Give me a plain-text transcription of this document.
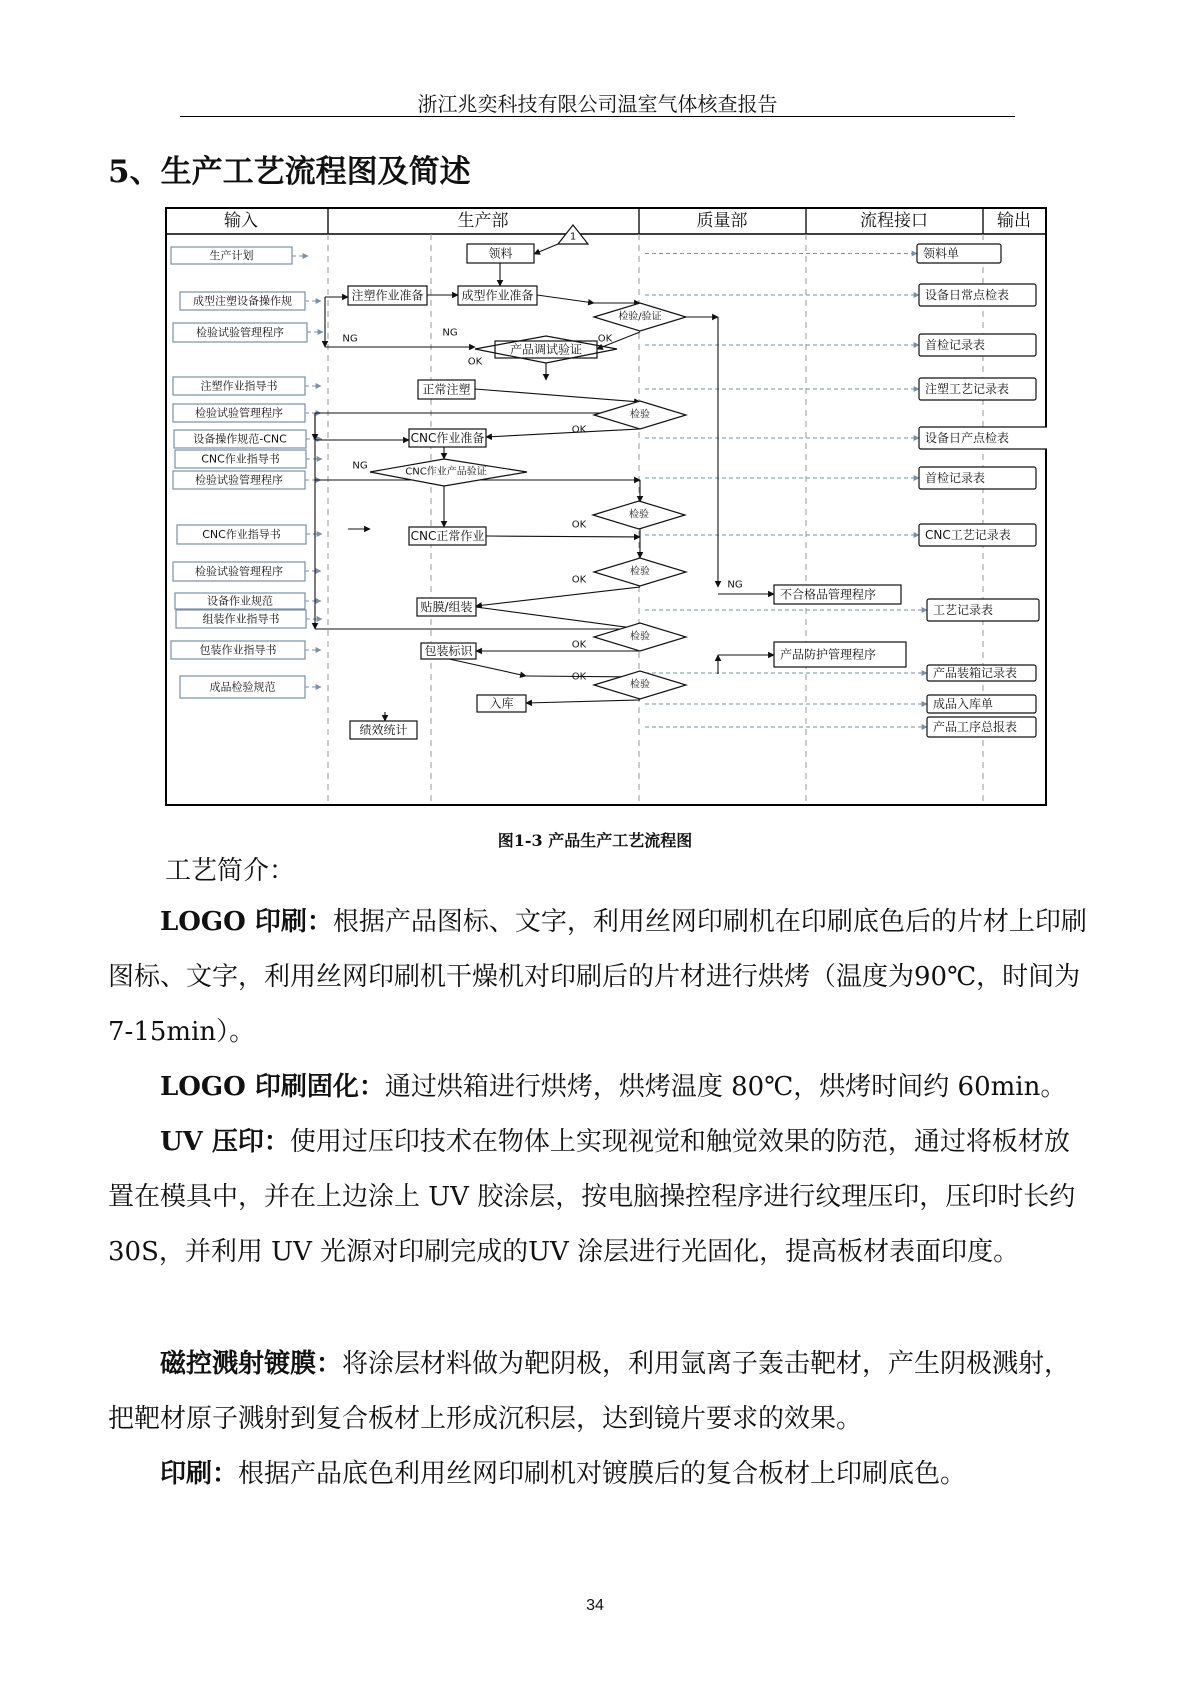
浙江兆奕科技有限公司温室气体核查报告
5、生产工艺流程图及简述
输入	生产部	质量部	流程接口	输出
生产计划
成型注塑设备操作规
检验试验管理程序
注塑作业指导书
检验试验管理程序
设备操作规范-CNC
CNC作业指导书
检验试验管理程序
CNC作业指导书
检验试验管理程序
设备作业规范
组装作业指导书
包装作业指导书
成品检验规范
领料单
设备日常点检表
首检记录表
注塑工艺记录表
设备日产点检表
首检记录表
CNC工艺记录表
工艺记录表
产品装箱记录表
成品入库单
产品工序总报表
领料
注塑作业准备	成型作业准备
产品调试验证
正常注塑
CNC作业准备
CNC正常作业
贴膜/组装
包装标识
入库
绩效统计
CNC作业产品验证
检验/验证
检验
检验
检验
检验
检验
不合格品管理程序
产品防护管理程序
1
OK
OK
OK
OK
OK
OK
OK
NG
NG
NG
NG
图1-3 产品生产工艺流程图
工艺简介：
LOGO 印刷：根据产品图标、文字，利用丝网印刷机在印刷底色后的片材上印刷图标、文字，利用丝网印刷机干燥机对印刷后的片材进行烘烤（温度为90℃，时间为 7-15min）。
LOGO 印刷固化：通过烘箱进行烘烤，烘烤温度 80℃，烘烤时间约 60min。
UV 压印：使用过压印技术在物体上实现视觉和触觉效果的防范，通过将板材放置在模具中，并在上边涂上 UV 胶涂层，按电脑操控程序进行纹理压印，压印时长约 30S，并利用 UV 光源对印刷完成的UV 涂层进行光固化，提高板材表面印度。
磁控溅射镀膜：将涂层材料做为靶阴极，利用氩离子轰击靶材，产生阴极溅射，把靶材原子溅射到复合板材上形成沉积层，达到镜片要求的效果。
印刷：根据产品底色利用丝网印刷机对镀膜后的复合板材上印刷底色。
34
